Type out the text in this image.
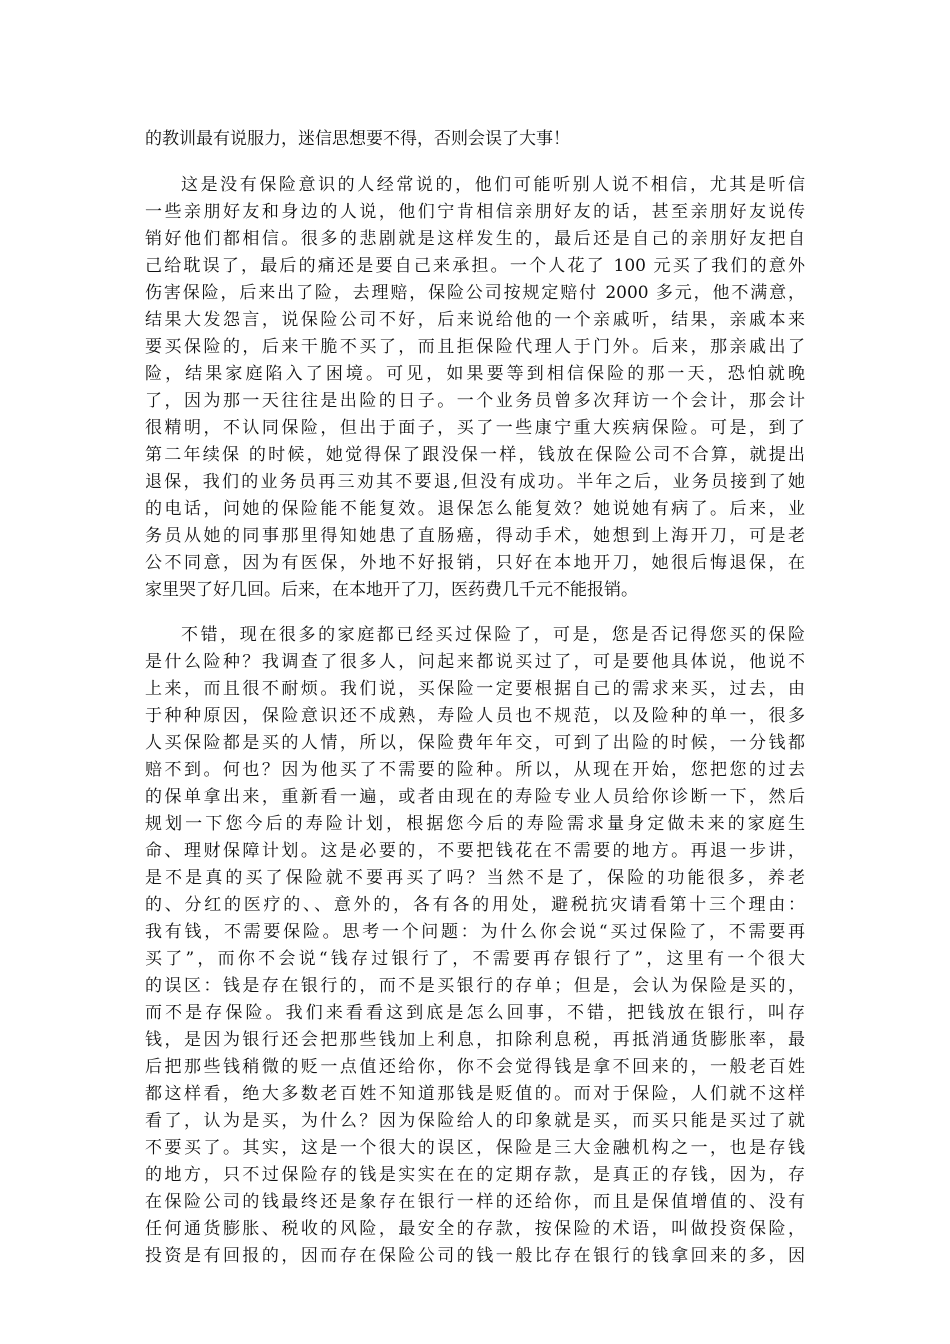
的教训最有说服力，迷信思想要不得，否则会误了大事！
这是没有保险意识的人经常说的，他们可能听别人说不相信，尤其是听信
一些亲朋好友和身边的人说，他们宁肯相信亲朋好友的话，甚至亲朋好友说传
销好他们都相信。很多的悲剧就是这样发生的，最后还是自己的亲朋好友把自
己给耽误了，最后的痛还是要自己来承担。一个人花了 100 元买了我们的意外
伤害保险，后来出了险，去理赔，保险公司按规定赔付 2000 多元，他不满意，
结果大发怨言，说保险公司不好，后来说给他的一个亲戚听，结果，亲戚本来
要买保险的，后来干脆不买了，而且拒保险代理人于门外。后来，那亲戚出了
险，结果家庭陷入了困境。可见，如果要等到相信保险的那一天，恐怕就晚
了，因为那一天往往是出险的日子。一个业务员曾多次拜访一个会计，那会计
很精明，不认同保险，但出于面子，买了一些康宁重大疾病保险。可是，到了
第二年续保 的时候，她觉得保了跟没保一样，钱放在保险公司不合算，就提出
退保，我们的业务员再三劝其不要退,但没有成功。半年之后，业务员接到了她
的电话，问她的保险能不能复效。退保怎么能复效？她说她有病了。后来，业
务员从她的同事那里得知她患了直肠癌，得动手术，她想到上海开刀，可是老
公不同意，因为有医保，外地不好报销，只好在本地开刀，她很后悔退保，在
家里哭了好几回。后来，在本地开了刀，医药费几千元不能报销。
不错，现在很多的家庭都已经买过保险了，可是，您是否记得您买的保险
是什么险种？我调查了很多人，问起来都说买过了，可是要他具体说，他说不
上来，而且很不耐烦。我们说，买保险一定要根据自己的需求来买，过去，由
于种种原因，保险意识还不成熟，寿险人员也不规范，以及险种的单一，很多
人买保险都是买的人情，所以，保险费年年交，可到了出险的时候，一分钱都
赔不到。何也？因为他买了不需要的险种。所以，从现在开始，您把您的过去
的保单拿出来，重新看一遍，或者由现在的寿险专业人员给你诊断一下，然后
规划一下您今后的寿险计划，根据您今后的寿险需求量身定做未来的家庭生
命、理财保障计划。这是必要的，不要把钱花在不需要的地方。再退一步讲，
是不是真的买了保险就不要再买了吗？当然不是了，保险的功能很多，养老
的、分红的医疗的、、意外的，各有各的用处，避税抗灾请看第十三个理由：
我有钱，不需要保险。思考一个问题：为什么你会说“买过保险了，不需要再
买了”，而你不会说“钱存过银行了，不需要再存银行了”，这里有一个很大
的误区：钱是存在银行的，而不是买银行的存单；但是，会认为保险是买的，
而不是存保险。我们来看看这到底是怎么回事，不错，把钱放在银行，叫存
钱，是因为银行还会把那些钱加上利息，扣除利息税，再抵消通货膨胀率，最
后把那些钱稍微的贬一点值还给你，你不会觉得钱是拿不回来的，一般老百姓
都这样看，绝大多数老百姓不知道那钱是贬值的。而对于保险，人们就不这样
看了，认为是买，为什么？因为保险给人的印象就是买，而买只能是买过了就
不要买了。其实，这是一个很大的误区，保险是三大金融机构之一，也是存钱
的地方，只不过保险存的钱是实实在在的定期存款，是真正的存钱，因为，存
在保险公司的钱最终还是象存在银行一样的还给你，而且是保值增值的、没有
任何通货膨胀、税收的风险，最安全的存款，按保险的术语，叫做投资保险，
投资是有回报的，因而存在保险公司的钱一般比存在银行的钱拿回来的多，因
